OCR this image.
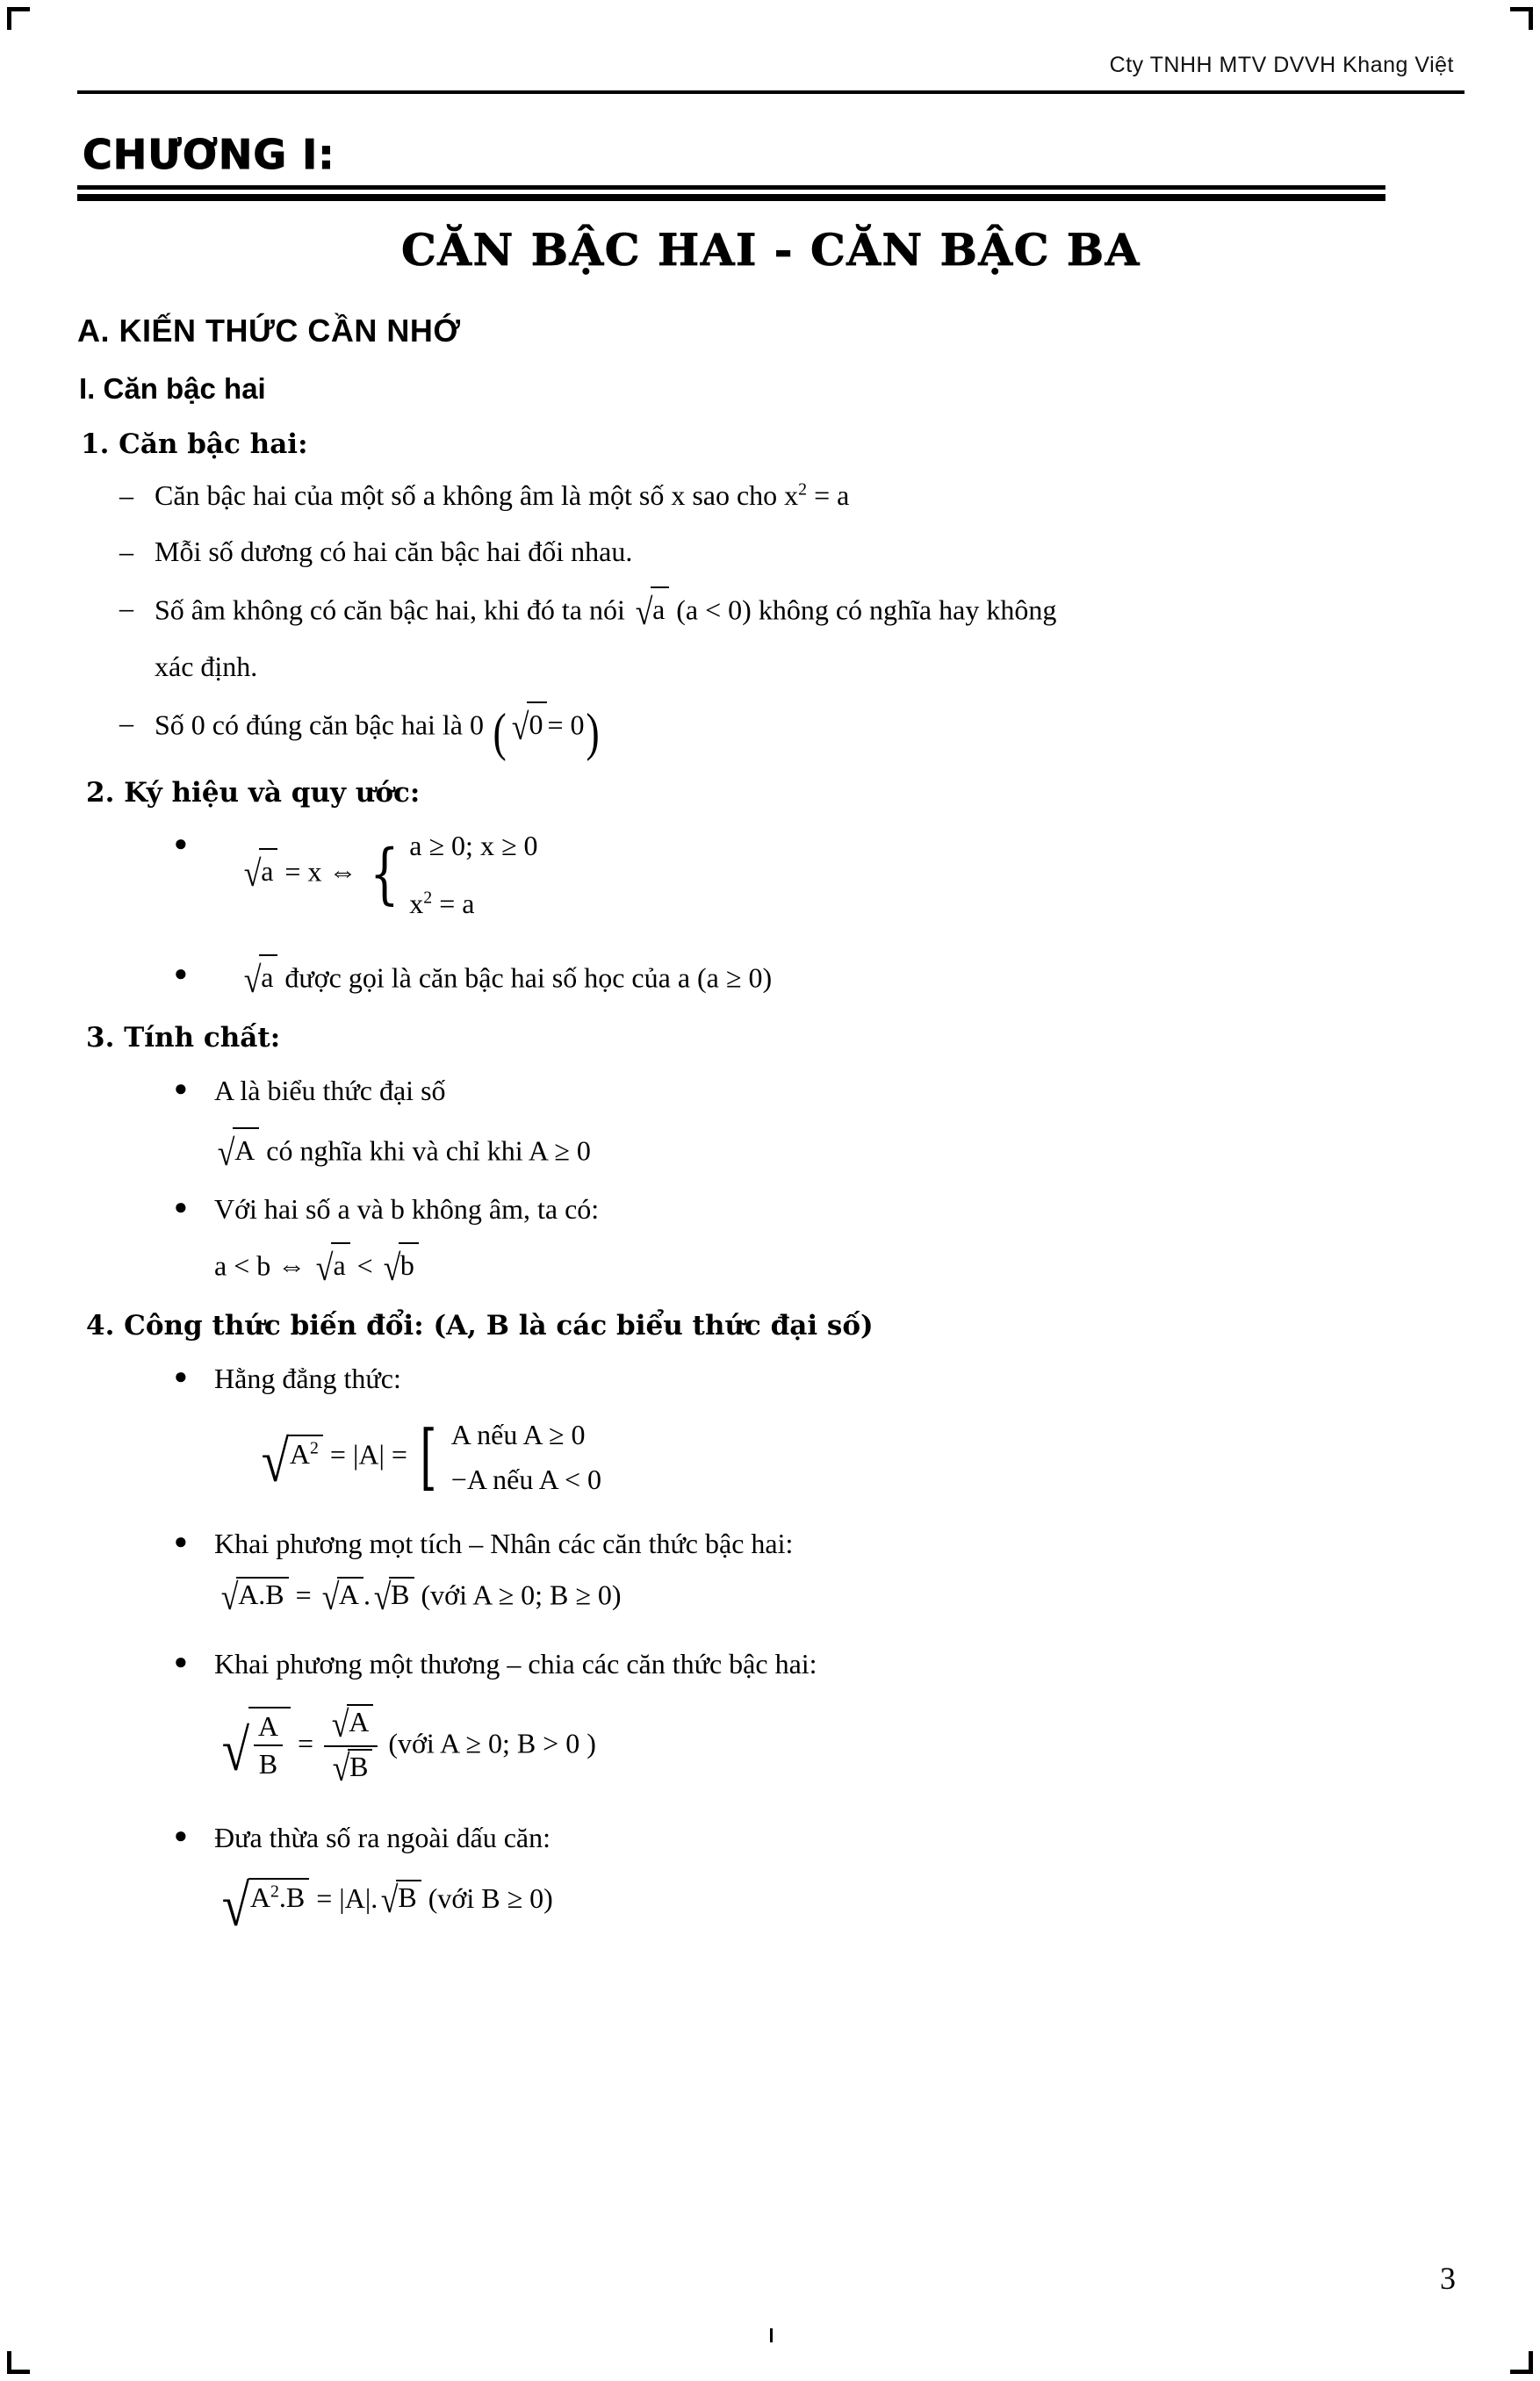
Cty TNHH MTV DVVH Khang Việt
CHƯƠNG I:
CĂN BẬC HAI - CĂN BẬC BA
A. KIẾN THỨC CẦN NHỚ
I. Căn bậc hai
1. Căn bậc hai:
– Căn bậc hai của một số a không âm là một số x sao cho $x^2 = a$
– Mỗi số dương có hai căn bậc hai đối nhau.
– Số âm không có căn bậc hai, khi đó ta nói √a (a < 0) không có nghĩa hay không
xác định.
– Số 0 có đúng căn bậc hai là 0 ( √0 = 0)
2. Ký hiệu và quy ước:
●
√a = x ⇔ { a ≥ 0; x ≥ 0
$x^2 = a$
●	√a được gọi là căn bậc hai số học của a (a ≥ 0)
3. Tính chất:
● A là biểu thức đại số
√A có nghĩa khi và chỉ khi A ≥ 0
● Với hai số a và b không âm, ta có:
a < b ⇔ √a < √b
4. Công thức biến đổi: (A, B là các biểu thức đại số)
● Hằng đẳng thức:
$√A^2 = |A|$ = [ A nếu A ≥ 0
−A nếu A < 0
● Khai phương mọt tích – Nhân các căn thức bậc hai:
√A.B = √A .√B (với A ≥ 0; B ≥ 0)
● Khai phương một thương – chia các căn thức bậc hai:
√ $\frac{A}{B} = \frac{√A}{√B}$ (với A ≥ 0; B > 0 )
● Đưa thừa số ra ngoài dấu căn:
$√A^2.B = |A|.√B$ (với B ≥ 0)
3
